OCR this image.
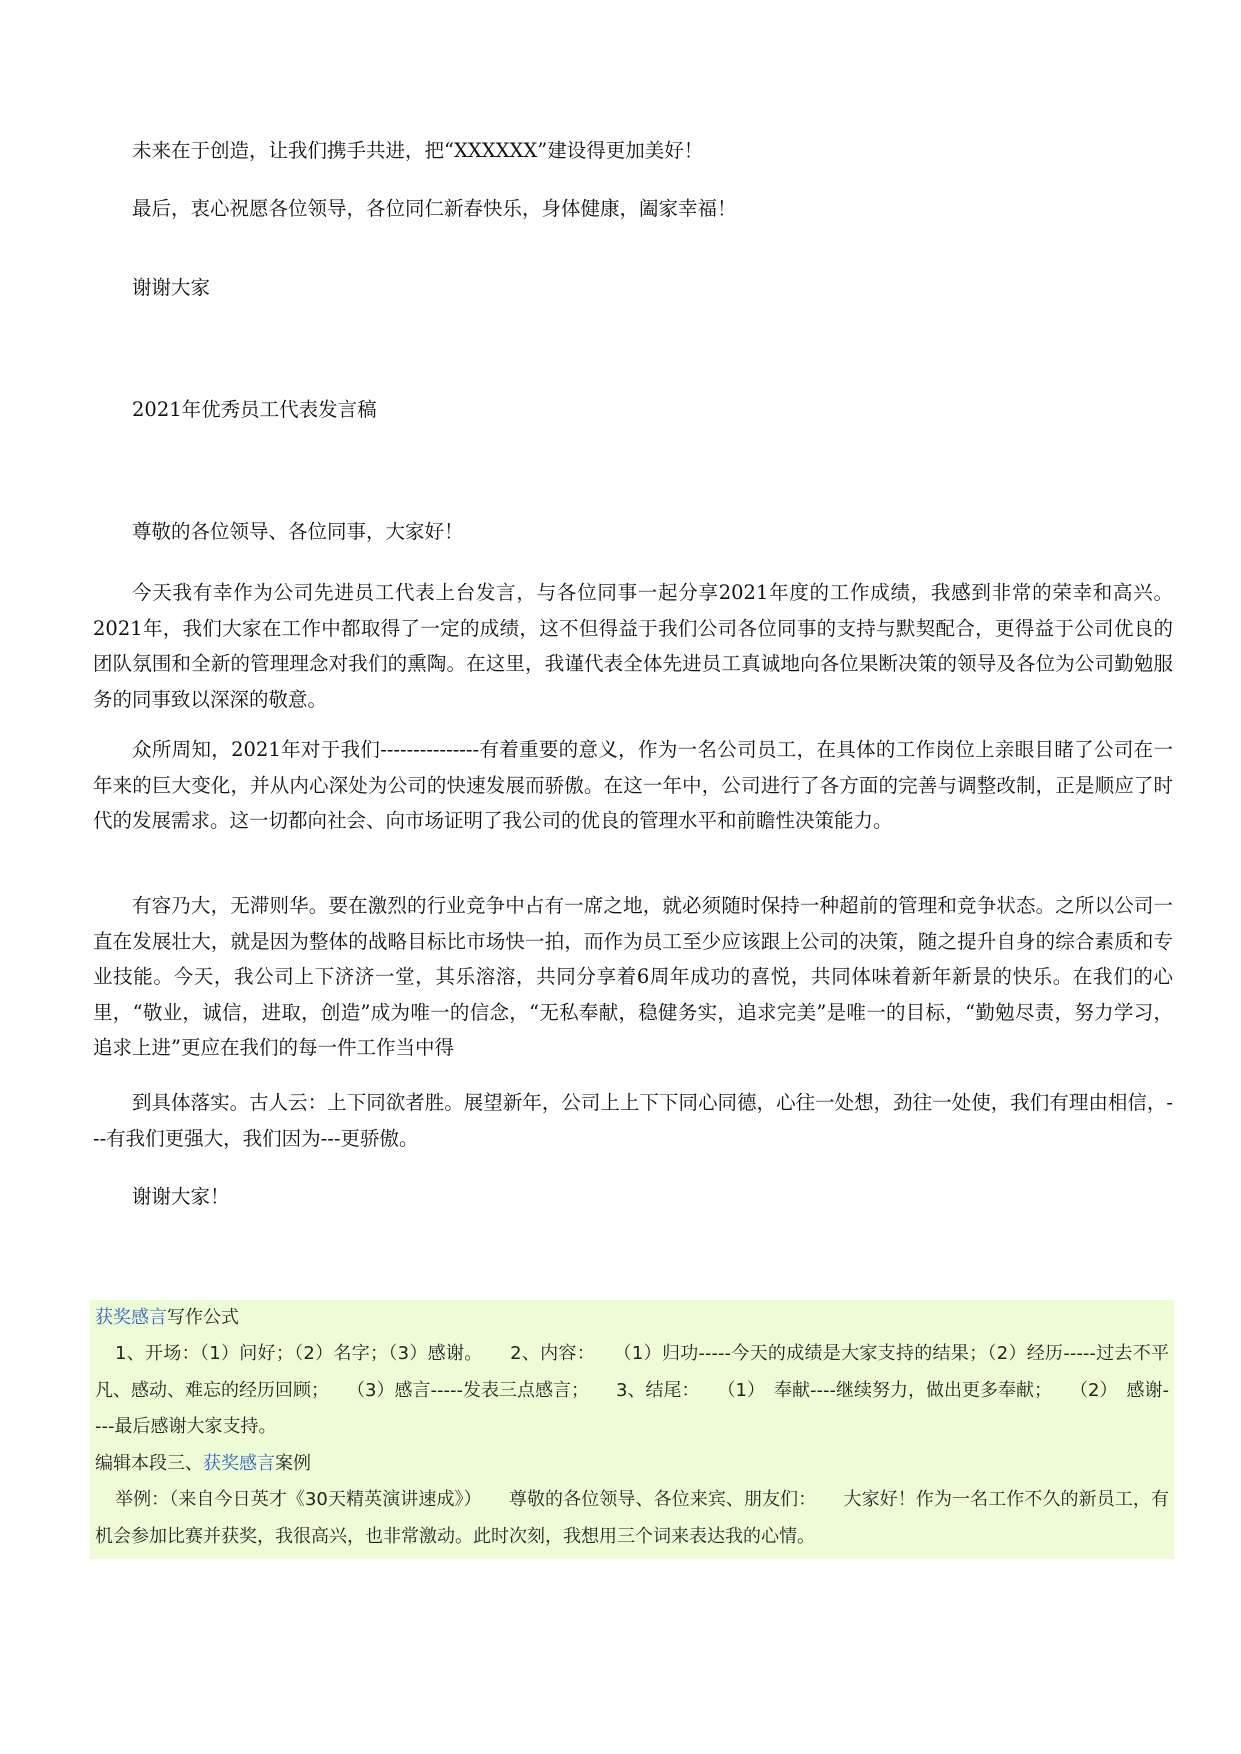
未来在于创造，让我们携手共进，把“XXXXXX”建设得更加美好！

最后，衷心祝愿各位领导，各位同仁新春快乐，身体健康，阖家幸福！

谢谢大家

2021年优秀员工代表发言稿

尊敬的各位领导、各位同事，大家好！

今天我有幸作为公司先进员工代表上台发言，与各位同事一起分享2021年度的工作成绩，我感到非常的荣幸和高兴。2021年，我们大家在工作中都取得了一定的成绩，这不但得益于我们公司各位同事的支持与默契配合，更得益于公司优良的团队氛围和全新的管理理念对我们的熏陶。在这里，我谨代表全体先进员工真诚地向各位果断决策的领导及各位为公司勤勉服务的同事致以深深的敬意。

众所周知，2021年对于我们---------------有着重要的意义，作为一名公司员工，在具体的工作岗位上亲眼目睹了公司在一年来的巨大变化，并从内心深处为公司的快速发展而骄傲。在这一年中，公司进行了各方面的完善与调整改制，正是顺应了时代的发展需求。这一切都向社会、向市场证明了我公司的优良的管理水平和前瞻性决策能力。

有容乃大，无滞则华。要在激烈的行业竞争中占有一席之地，就必须随时保持一种超前的管理和竞争状态。之所以公司一直在发展壮大，就是因为整体的战略目标比市场快一拍，而作为员工至少应该跟上公司的决策，随之提升自身的综合素质和专业技能。今天，我公司上下济济一堂，其乐溶溶，共同分享着6周年成功的喜悦，共同体味着新年新景的快乐。在我们的心里，“敬业，诚信，进取，创造”成为唯一的信念，“无私奉献，稳健务实，追求完美”是唯一的目标，“勤勉尽责，努力学习，追求上进”更应在我们的每一件工作当中得

到具体落实。古人云：上下同欲者胜。展望新年，公司上上下下同心同德，心往一处想，劲往一处使，我们有理由相信，---有我们更强大，我们因为---更骄傲。

谢谢大家！

获奖感言写作公式

1、开场：（1）问好；（2）名字；（3）感谢。　　2、内容：　　（1）归功-----今天的成绩是大家支持的结果；（2）经历-----过去不平凡、感动、难忘的经历回顾；　　（3）感言-----发表三点感言；　　3、结尾：　　（1）　奉献----继续努力，做出更多奉献；　　（2）　感谢----最后感谢大家支持。

编辑本段三、获奖感言案例

举例：（来自今日英才《30天精英演讲速成》）　　尊敬的各位领导、各位来宾、朋友们：　　大家好！作为一名工作不久的新员工，有机会参加比赛并获奖，我很高兴，也非常激动。此时次刻，我想用三个词来表达我的心情。
